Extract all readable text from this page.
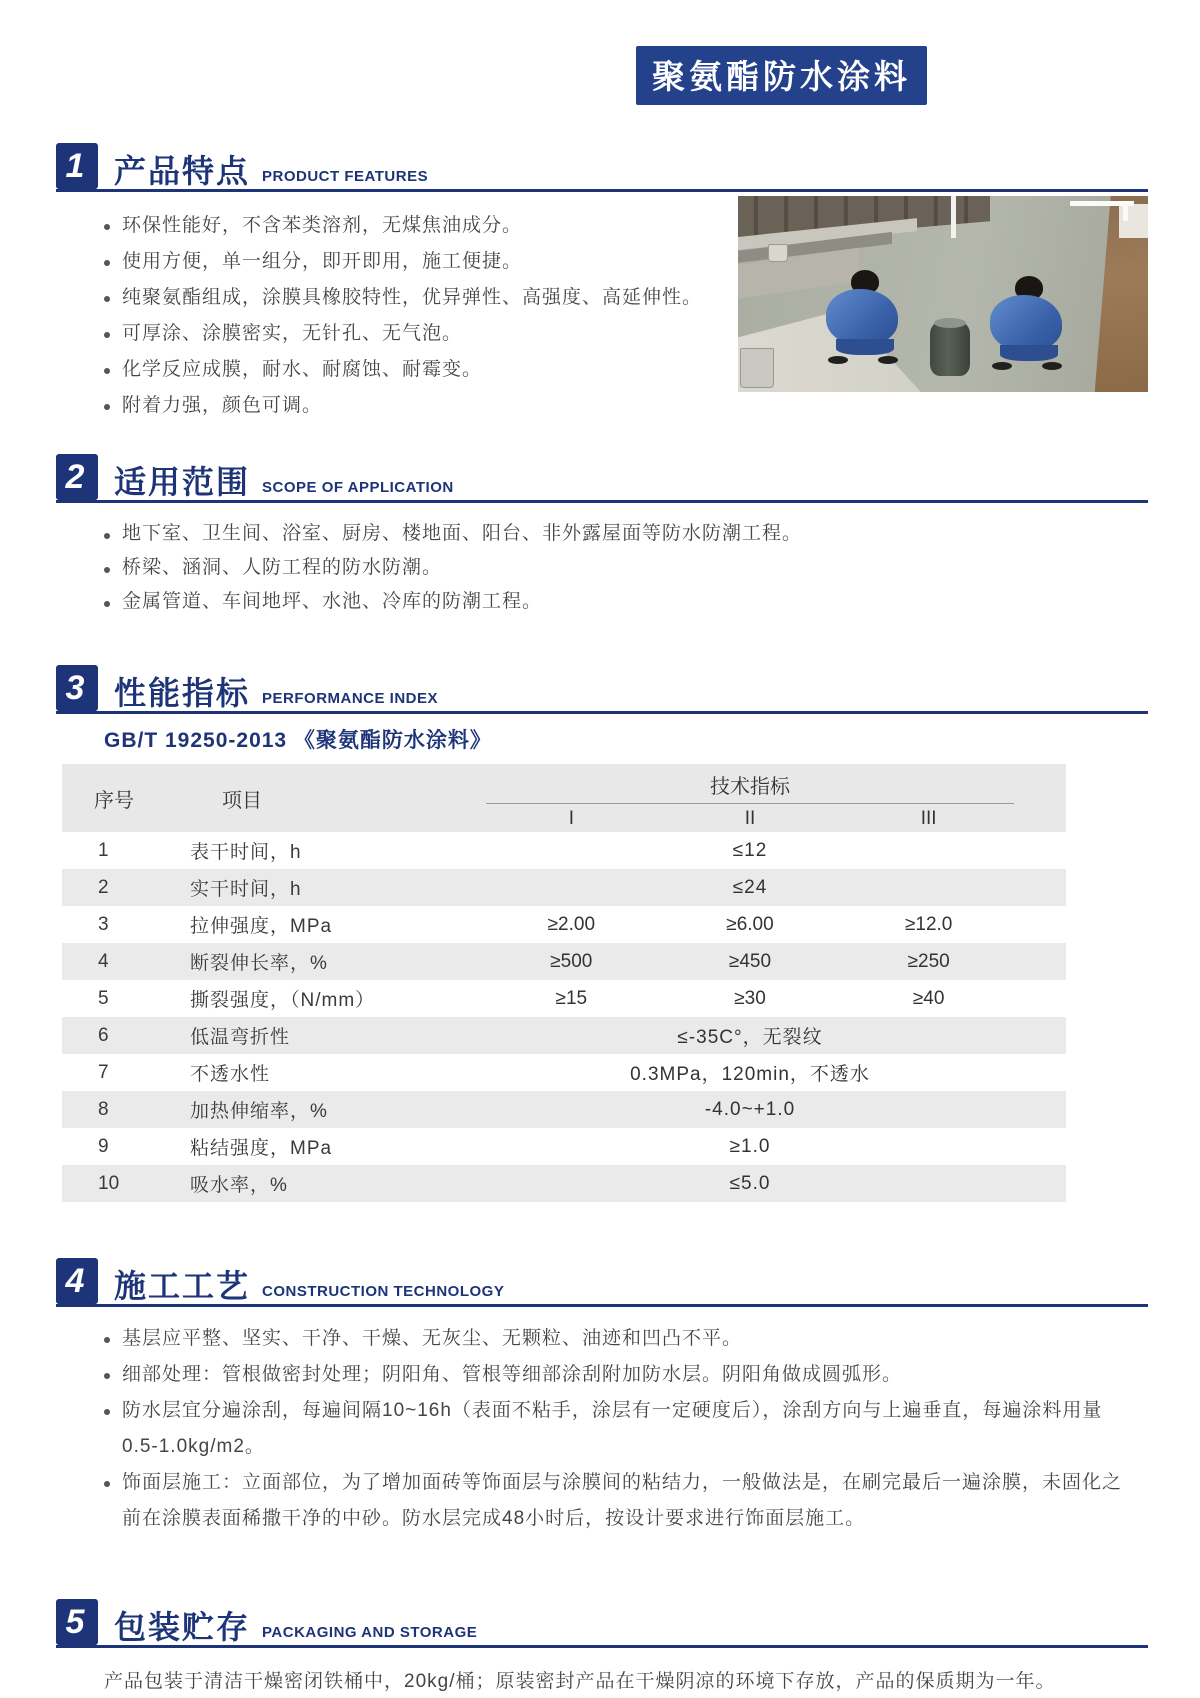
聚氨酯防水涂料
1 产品特点 PRODUCT FEATURES
环保性能好，不含苯类溶剂，无煤焦油成分。
使用方便，单一组分，即开即用，施工便捷。
纯聚氨酯组成，涂膜具橡胶特性，优异弹性、高强度、高延伸性。
可厚涂、涂膜密实，无针孔、无气泡。
化学反应成膜，耐水、耐腐蚀、耐霉变。
附着力强，颜色可调。
2 适用范围 SCOPE OF APPLICATION
地下室、卫生间、浴室、厨房、楼地面、阳台、非外露屋面等防水防潮工程。
桥梁、涵洞、人防工程的防水防潮。
金属管道、车间地坪、水池、冷库的防潮工程。
3 性能指标 PERFORMANCE INDEX
GB/T 19250-2013 《聚氨酯防水涂料》
序号	项目
技术指标
I	II	III
1	表干时间，h	≤12
2	实干时间，h	≤24
3	拉伸强度，MPa	≥2.00	≥6.00	≥12.0
4	断裂伸长率，%	≥500	≥450	≥250
5	撕裂强度，（N/mm）	≥15	≥30	≥40
6	低温弯折性	≤-35C°，无裂纹
7	不透水性	0.3MPa，120min，不透水
8	加热伸缩率，%	-4.0~+1.0
9	粘结强度，MPa	≥1.0
10	吸水率，%	≤5.0
4 施工工艺 CONSTRUCTION TECHNOLOGY
基层应平整、坚实、干净、干燥、无灰尘、无颗粒、油迹和凹凸不平。
细部处理：管根做密封处理；阴阳角、管根等细部涂刮附加防水层。阴阳角做成圆弧形。
防水层宜分遍涂刮，每遍间隔10~16h（表面不粘手，涂层有一定硬度后），涂刮方向与上遍垂直，每遍涂料用量 0.5-1.0kg/m2。
饰面层施工：立面部位，为了增加面砖等饰面层与涂膜间的粘结力，一般做法是，在刷完最后一遍涂膜，未固化之前在涂膜表面稀撒干净的中砂。防水层完成48小时后，按设计要求进行饰面层施工。
5 包装贮存 PACKAGING AND STORAGE
产品包装于清洁干燥密闭铁桶中，20kg/桶；原装密封产品在干燥阴凉的环境下存放，产品的保质期为一年。
